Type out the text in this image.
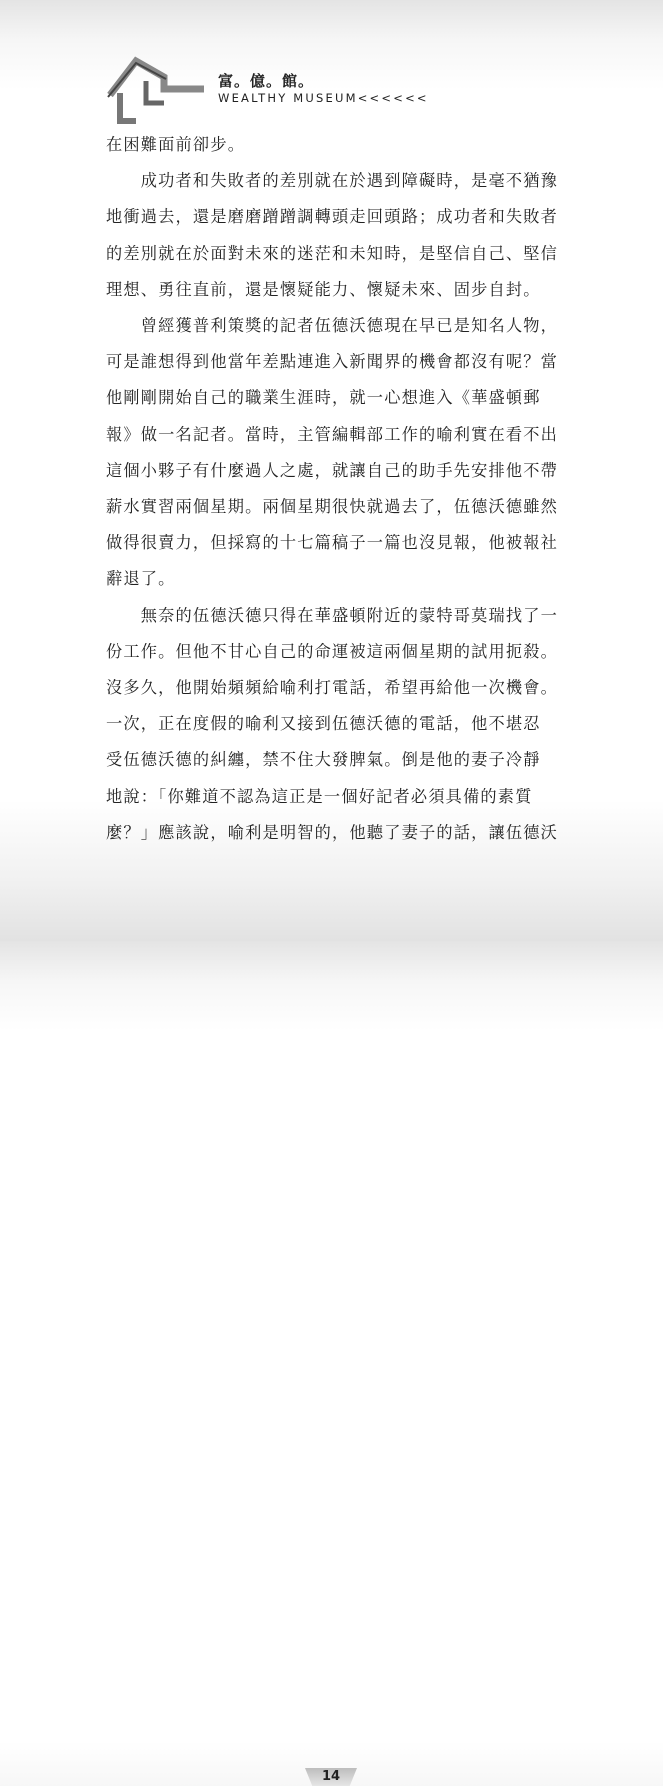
富。億。館。
WEALTHY MUSEUM<<<<<<

在困難面前卻步。

　　成功者和失敗者的差別就在於遇到障礙時，是毫不猶豫

地衝過去，還是磨磨蹭蹭調轉頭走回頭路；成功者和失敗者

的差別就在於面對未來的迷茫和未知時，是堅信自己、堅信

理想、勇往直前，還是懷疑能力、懷疑未來、固步自封。

　　曾經獲普利策獎的記者伍德沃德現在早已是知名人物，

可是誰想得到他當年差點連進入新聞界的機會都沒有呢？當

他剛剛開始自己的職業生涯時，就一心想進入《華盛頓郵

報》做一名記者。當時，主管編輯部工作的喻利實在看不出

這個小夥子有什麼過人之處，就讓自己的助手先安排他不帶

薪水實習兩個星期。兩個星期很快就過去了，伍德沃德雖然

做得很賣力，但採寫的十七篇稿子一篇也沒見報，他被報社

辭退了。

　　無奈的伍德沃德只得在華盛頓附近的蒙特哥莫瑞找了一

份工作。但他不甘心自己的命運被這兩個星期的試用扼殺。

沒多久，他開始頻頻給喻利打電話，希望再給他一次機會。

一次，正在度假的喻利又接到伍德沃德的電話，他不堪忍

受伍德沃德的糾纏，禁不住大發脾氣。倒是他的妻子冷靜

地說：「你難道不認為這正是一個好記者必須具備的素質

麼？」應該說，喻利是明智的，他聽了妻子的話，讓伍德沃

14
